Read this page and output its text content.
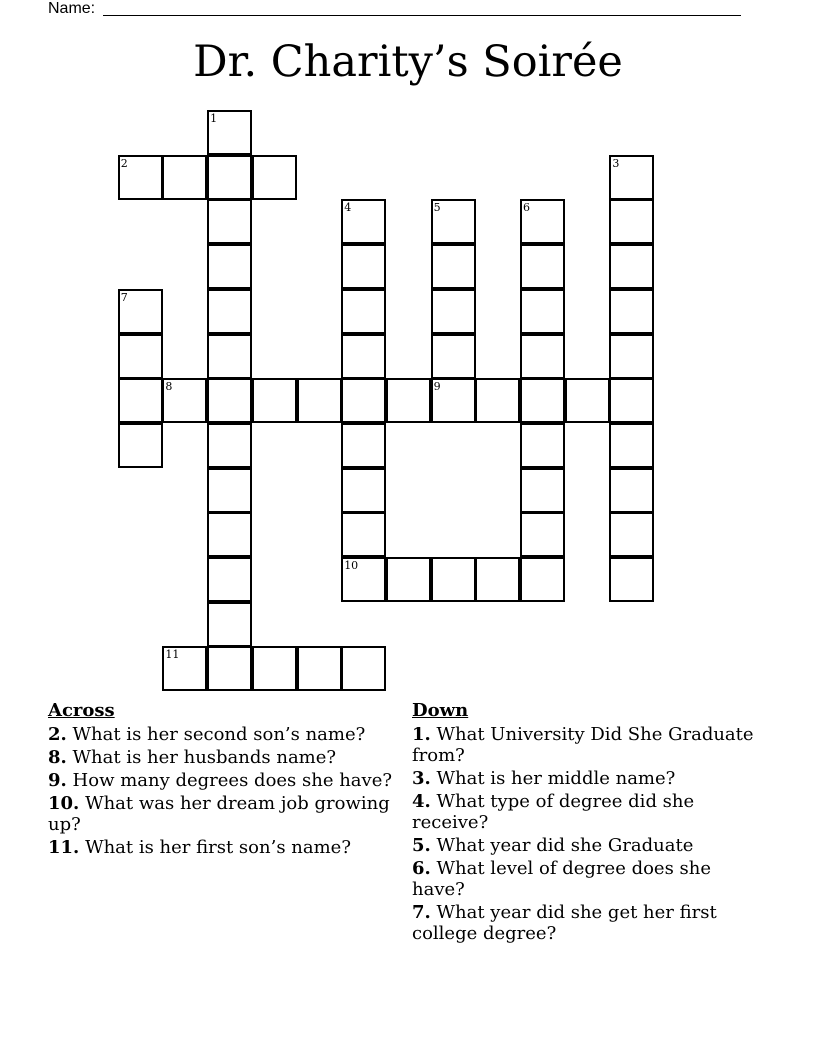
Name:
Dr. Charity’s Soirée
1
2	3
4	5	6
7
8	9
10
11
Across
2. What is her second son’s name?
8. What is her husbands name?
9. How many degrees does she have?
10. What was her dream job growing up?
11. What is her first son’s name?
Down
1. What University Did She Graduate from?
3. What is her middle name?
4. What type of degree did she receive?
5. What year did she Graduate
6. What level of degree does she have?
7. What year did she get her first college degree?
